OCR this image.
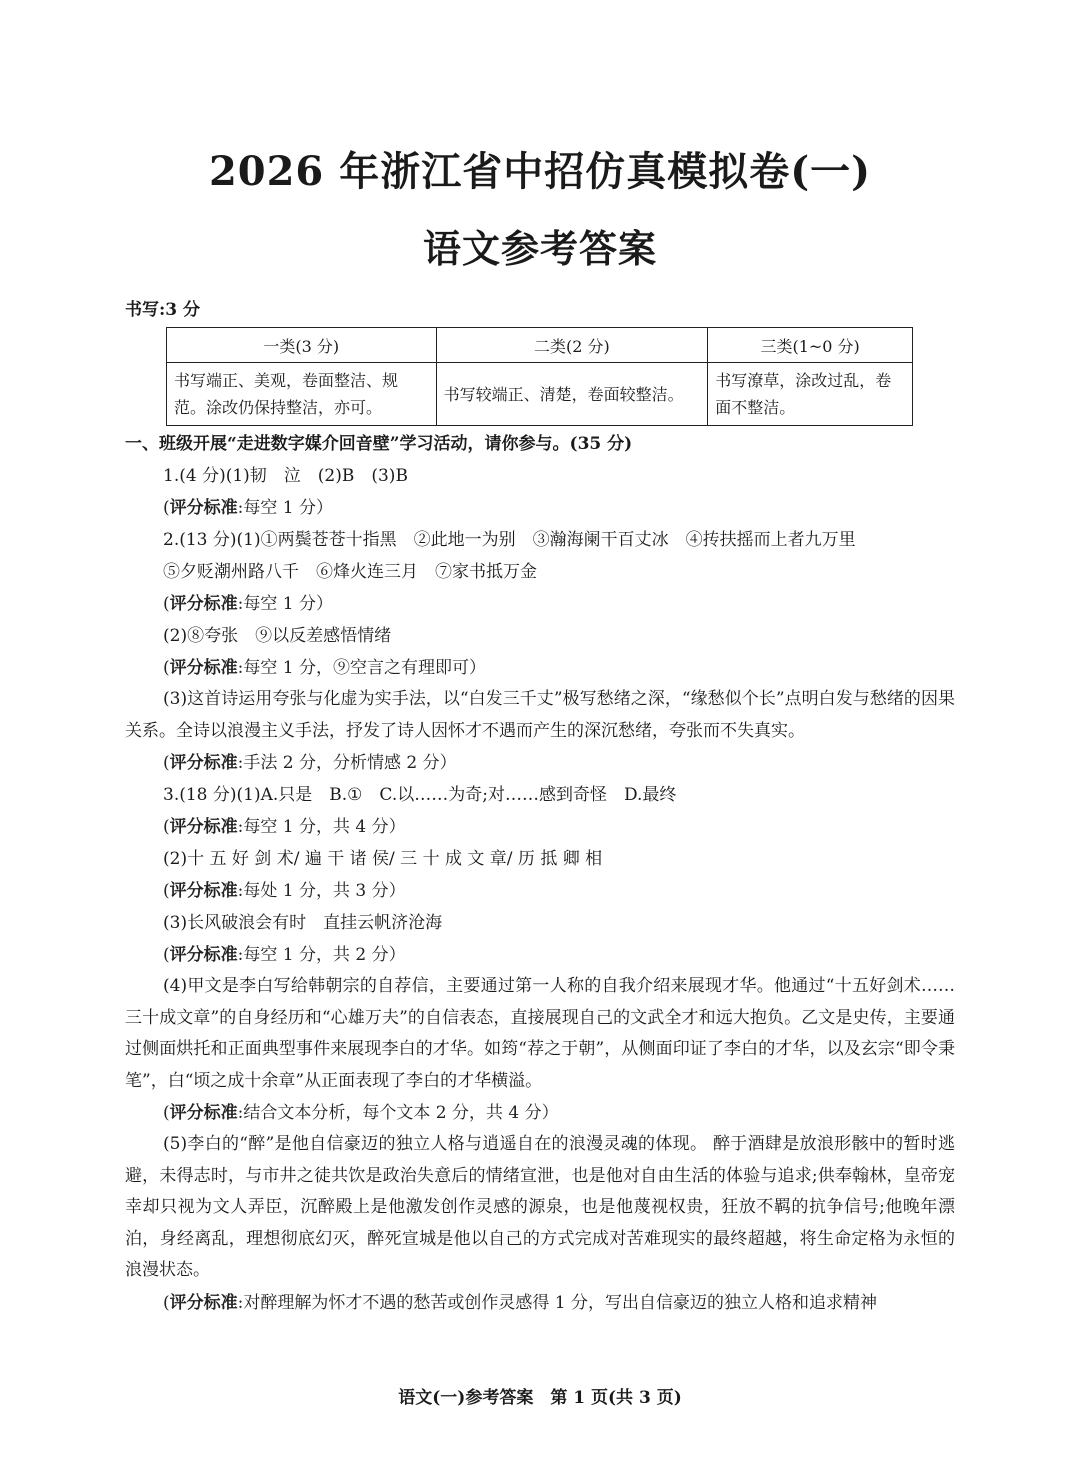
2026 年浙江省中招仿真模拟卷(一)
语文参考答案
书写:3 分
一类(3 分)	二类(2 分)	三类(1~0 分)
书写端正、美观，卷面整洁、规范。涂改仍保持整洁，亦可。	书写较端正、清楚，卷面较整洁。	书写潦草，涂改过乱，卷面不整洁。

一、班级开展“走进数字媒介回音壁”学习活动，请你参与。(35 分)

1.(4 分)(1)韧　泣　(2)B　(3)B

(评分标准:每空 1 分）

2.(13 分)(1)①两鬓苍苍十指黑　②此地一为别　③瀚海阑干百丈冰　④抟扶摇而上者九万里

⑤夕贬潮州路八千　⑥烽火连三月　⑦家书抵万金

(评分标准:每空 1 分）

(2)⑧夸张　⑨以反差感悟情绪

(评分标准:每空 1 分，⑨空言之有理即可）

(3)这首诗运用夸张与化虚为实手法，以“白发三千丈”极写愁绪之深，“缘愁似个长”点明白发与愁绪的因果关系。全诗以浪漫主义手法，抒发了诗人因怀才不遇而产生的深沉愁绪，夸张而不失真实。

(评分标准:手法 2 分，分析情感 2 分）

3.(18 分)(1)A.只是　B.①　C.以……为奇;对……感到奇怪　D.最终

(评分标准:每空 1 分，共 4 分）

(2)十 五 好 剑 术/ 遍 干 诸 侯/ 三 十 成 文 章/ 历 抵 卿 相

(评分标准:每处 1 分，共 3 分）

(3)长风破浪会有时　直挂云帆济沧海

(评分标准:每空 1 分，共 2 分）

(4)甲文是李白写给韩朝宗的自荐信，主要通过第一人称的自我介绍来展现才华。他通过“十五好剑术……三十成文章”的自身经历和“心雄万夫”的自信表态，直接展现自己的文武全才和远大抱负。乙文是史传，主要通过侧面烘托和正面典型事件来展现李白的才华。如筠“荐之于朝”，从侧面印证了李白的才华，以及玄宗“即令秉笔”，白“顷之成十余章”从正面表现了李白的才华横溢。

(评分标准:结合文本分析，每个文本 2 分，共 4 分）

(5)李白的“醉”是他自信豪迈的独立人格与逍遥自在的浪漫灵魂的体现。 醉于酒肆是放浪形骸中的暂时逃避，未得志时，与市井之徒共饮是政治失意后的情绪宣泄，也是他对自由生活的体验与追求;供奉翰林，皇帝宠幸却只视为文人弄臣，沉醉殿上是他激发创作灵感的源泉，也是他蔑视权贵，狂放不羁的抗争信号;他晚年漂泊，身经离乱，理想彻底幻灭，醉死宣城是他以自己的方式完成对苦难现实的最终超越，将生命定格为永恒的浪漫状态。

(评分标准:对醉理解为怀才不遇的愁苦或创作灵感得 1 分，写出自信豪迈的独立人格和追求精神

语文(一)参考答案　第 1 页(共 3 页)
